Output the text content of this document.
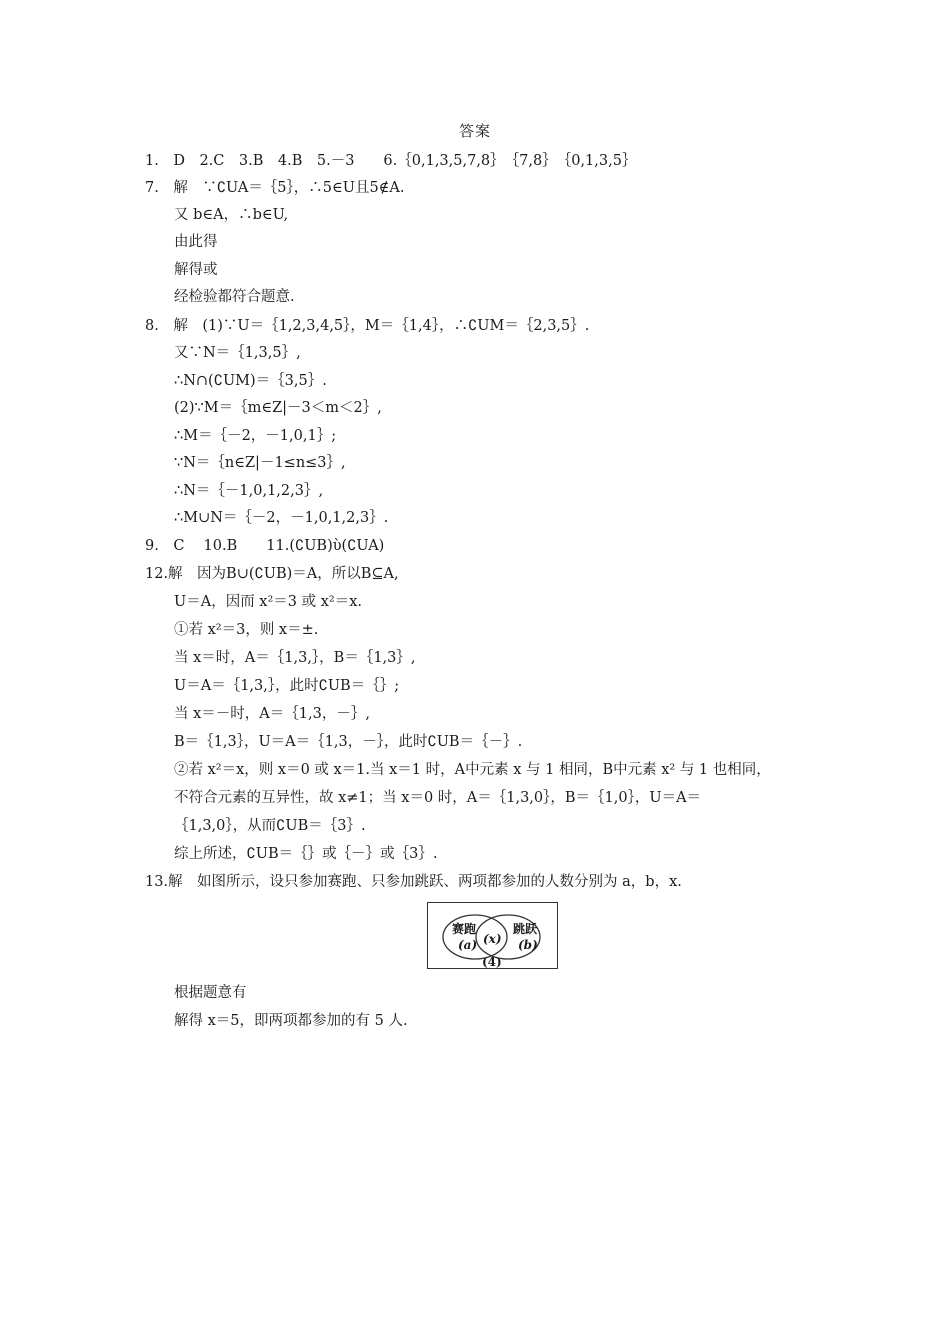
答案
1.　D　2.C　3.B　4.B　5.－3　　6.｛0,1,3,5,7,8｝　｛7,8｝　｛0,1,3,5｝
7.　解　∵∁UA＝｛5｝，∴5∈U且5∉A.
又 b∈A，∴b∈U,
由此得
解得或
经检验都符合题意.
8.　解　(1)∵U＝｛1,2,3,4,5｝，M＝｛1,4｝，∴∁UM＝｛2,3,5｝.
又∵N＝｛1,3,5｝,
∴N∩(∁UM)＝｛3,5｝.
(2)∵M＝｛m∈Z|－3＜m＜2｝,
∴M＝｛－2，－1,0,1｝;
∵N＝｛n∈Z|－1≤n≤3｝,
∴N＝｛－1,0,1,2,3｝,
∴M∪N＝｛－2，－1,0,1,2,3｝.
9.　C　 10.B　　11.(∁UB)ὺ(∁UA)
12.解　因为B∪(∁UB)＝A，所以B⊆A,
U＝A，因而 x²＝3 或 x²＝x.
①若 x²＝3，则 x＝±.
当 x＝时，A＝｛1,3,｝，B＝｛1,3｝,
U＝A＝｛1,3,｝，此时∁UB＝｛｝;
当 x＝－时，A＝｛1,3，－｝,
B＝｛1,3｝，U＝A＝｛1,3，－｝，此时∁UB＝｛－｝.
②若 x²＝x，则 x＝0 或 x＝1.当 x＝1 时，A中元素 x 与 1 相同，B中元素 x² 与 1 也相同，
不符合元素的互异性，故 x≠1；当 x＝0 时，A＝｛1,3,0｝，B＝｛1,0｝，U＝A＝
｛1,3,0｝，从而∁UB＝｛3｝.
综上所述，∁UB＝｛｝或｛－｝或｛3｝.
13.解　如图所示，设只参加赛跑、只参加跳跃、两项都参加的人数分别为 a，b，x.
赛跑
(a)
跳跃
(b)
(x)
(4)
根据题意有
解得 x＝5，即两项都参加的有 5 人.
